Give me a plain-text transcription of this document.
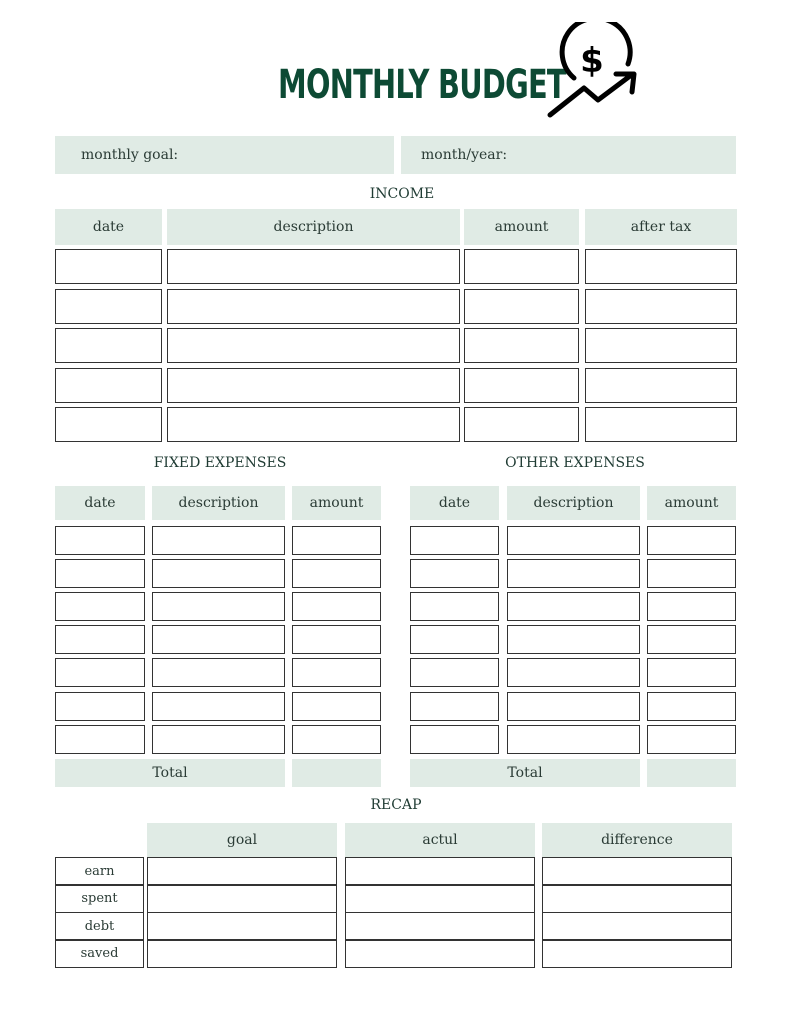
MONTHLY BUDGET
$
monthly goal:	month/year:
INCOME
date	description	amount	after tax
FIXED EXPENSES
date	description	amount
Total
OTHER EXPENSES
date	description	amount
Total
RECAP
goal	actul	difference
earn
spent
debt
saved
